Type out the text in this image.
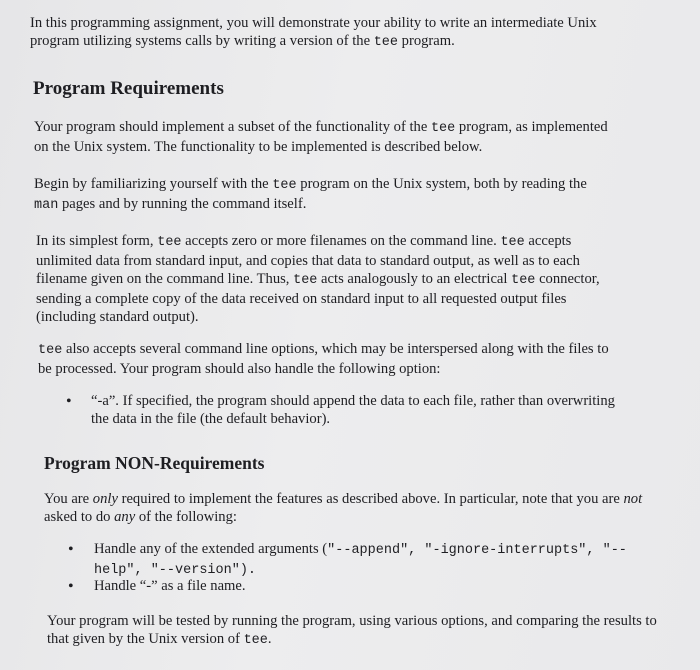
In this programming assignment, you will demonstrate your ability to write an intermediate Unix
program utilizing systems calls by writing a version of the tee program.
Program Requirements
Your program should implement a subset of the functionality of the tee program, as implemented
on the Unix system. The functionality to be implemented is described below.
Begin by familiarizing yourself with the tee program on the Unix system, both by reading the
man pages and by running the command itself.
In its simplest form, tee accepts zero or more filenames on the command line. tee accepts
unlimited data from standard input, and copies that data to standard output, as well as to each
filename given on the command line. Thus, tee acts analogously to an electrical tee connector,
sending a complete copy of the data received on standard input to all requested output files
(including standard output).
tee also accepts several command line options, which may be interspersed along with the files to
be processed. Your program should also handle the following option:
• “-a”. If specified, the program should append the data to each file, rather than overwriting
the data in the file (the default behavior).
Program NON-Requirements
You are only required to implement the features as described above. In particular, note that you are not
asked to do any of the following:
• Handle any of the extended arguments ("--append", "-ignore-interrupts", "--
help", "--version").
• Handle “-” as a file name.
Your program will be tested by running the program, using various options, and comparing the results to
that given by the Unix version of tee.
